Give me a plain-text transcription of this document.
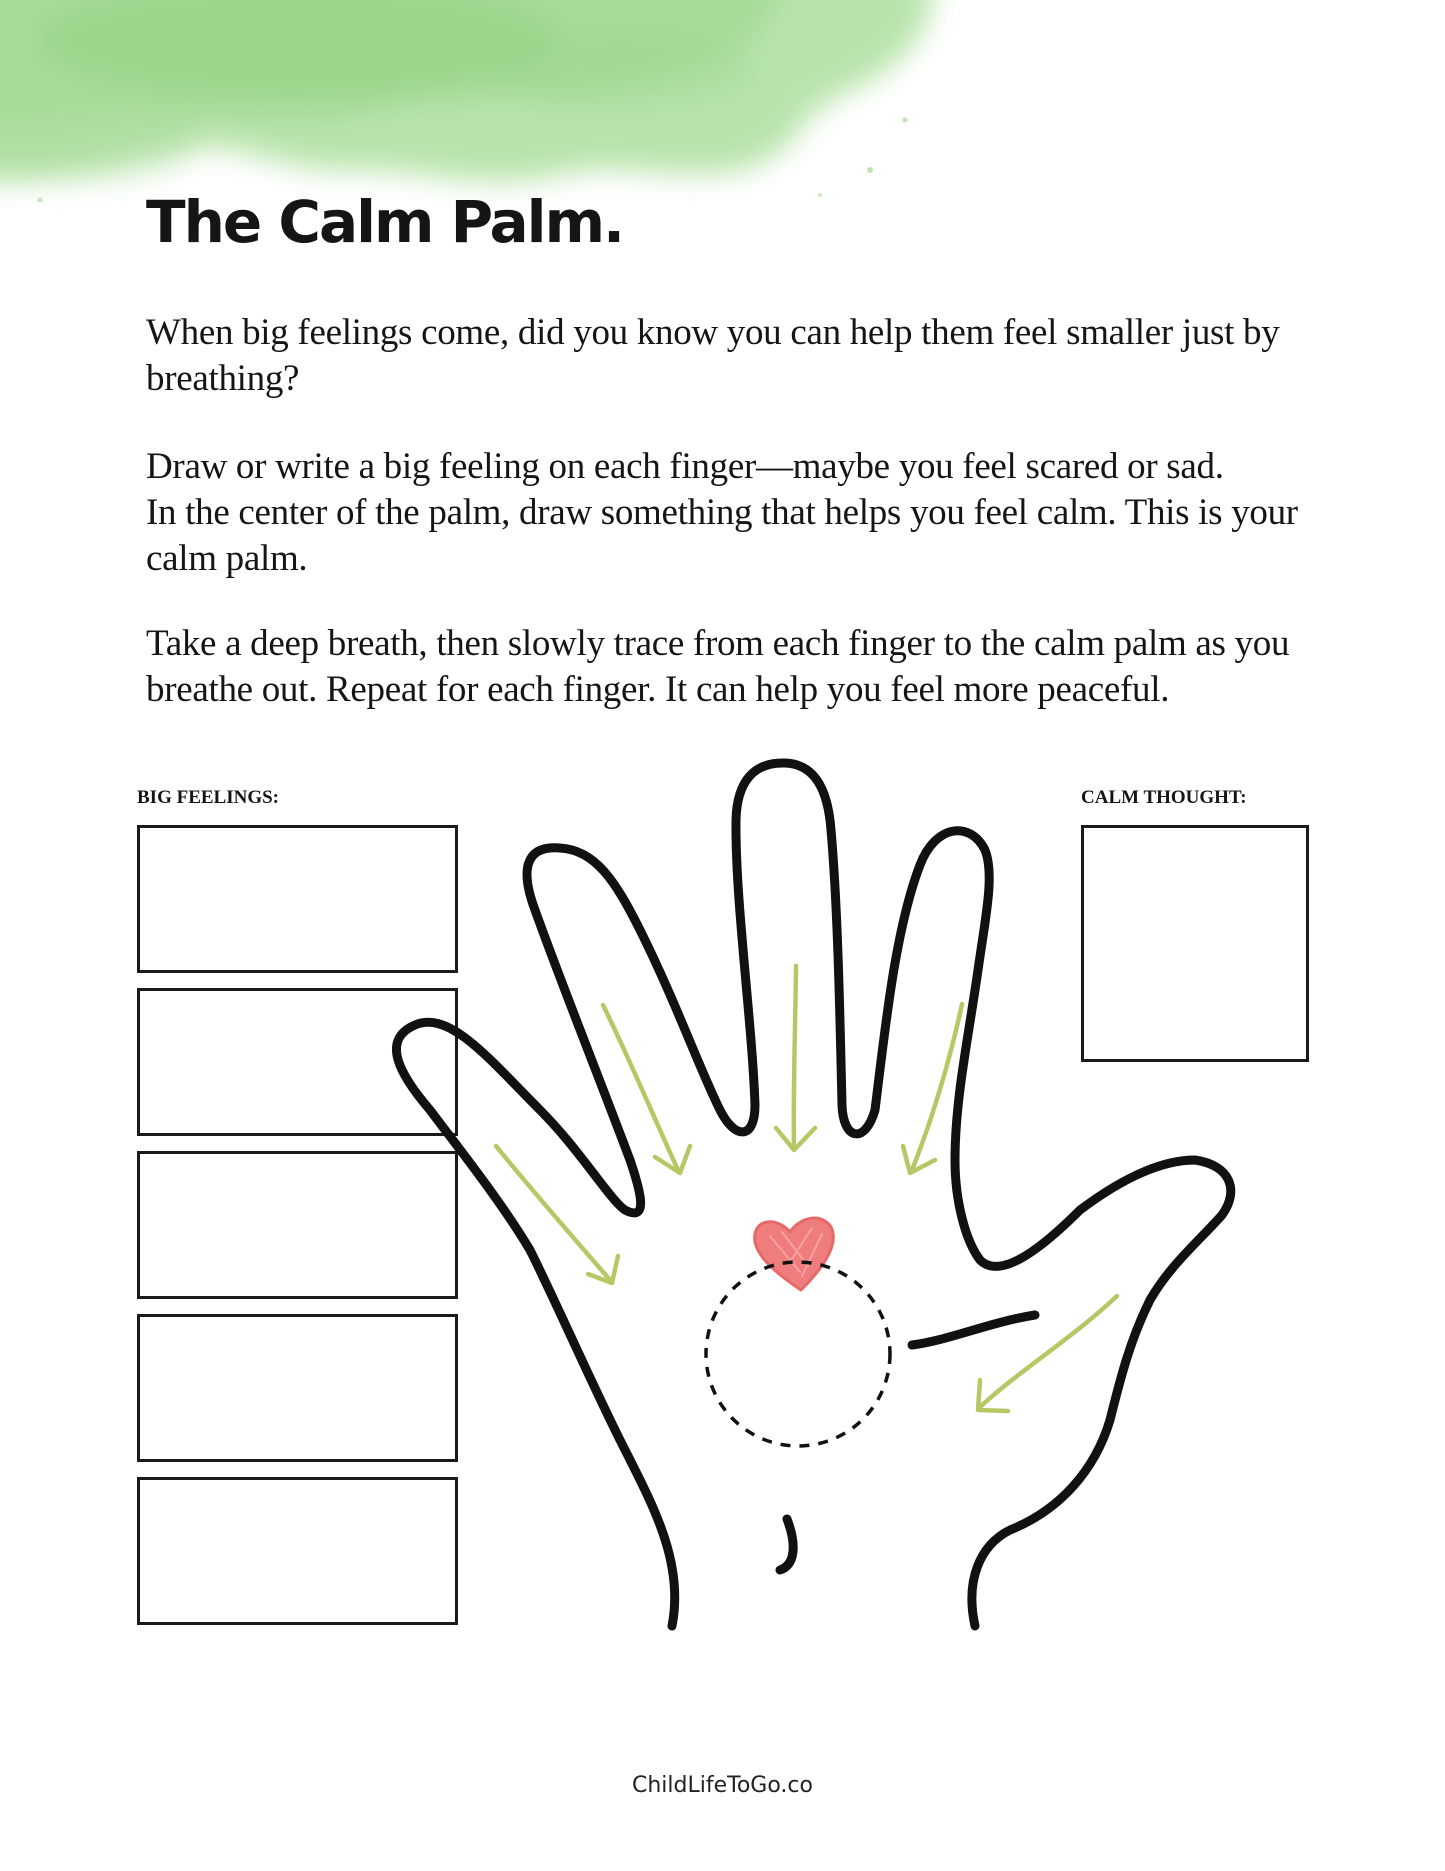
The Calm Palm.

When big feelings come, did you know you can help them feel smaller just by breathing?

Draw or write a big feeling on each finger—maybe you feel scared or sad.
In the center of the palm, draw something that helps you feel calm. This is your calm palm.

Take a deep breath, then slowly trace from each finger to the calm palm as you breathe out. Repeat for each finger. It can help you feel more peaceful.

BIG FEELINGS:	CALM THOUGHT:

ChildLifeToGo.co
